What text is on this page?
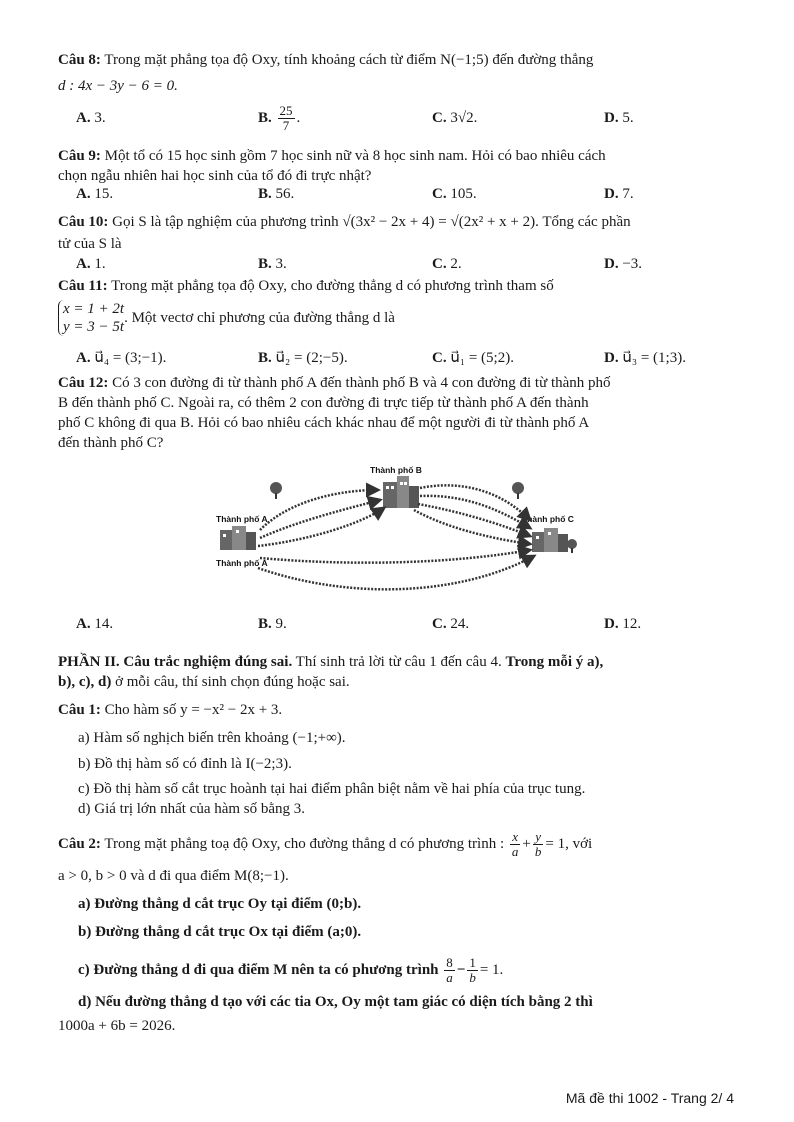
Câu 8: Trong mặt phẳng tọa độ Oxy, tính khoảng cách từ điểm N(−1;5) đến đường thẳng
d : 4x − 3y − 6 = 0.
A. 3.	B. $\frac{25}{7}$ .	C. 3√2.	D. 5.
Câu 9: Một tổ có 15 học sinh gồm 7 học sinh nữ và 8 học sinh nam. Hỏi có bao nhiêu cách
chọn ngẫu nhiên hai học sinh của tổ đó đi trực nhật?
A. 15.	B. 56.	C. 105.	D. 7.
Câu 10: Gọi S là tập nghiệm của phương trình √(3x² − 2x + 4) = √(2x² + x + 2). Tổng các phần
tử của S là
A. 1.	B. 3.	C. 2.	D. −3.
Câu 11: Trong mặt phẳng tọa độ Oxy, cho đường thẳng d có phương trình tham số
x = 1 + 2t
y = 3 − 5t
. Một vectơ chỉ phương của đường thẳng d là
A. u⃗₄ = (3;−1).	B. u⃗₂ = (2;−5).	C. u⃗₁ = (5;2).	D. u⃗₃ = (1;3).
Câu 12: Có 3 con đường đi từ thành phố A đến thành phố B và 4 con đường đi từ thành phố
B đến thành phố C. Ngoài ra, có thêm 2 con đường đi trực tiếp từ thành phố A đến thành
phố C không đi qua B. Hỏi có bao nhiêu cách khác nhau để một người đi từ thành phố A
đến thành phố C?
Thành phố B
Thành phố A
Thành phố A
Thành phố C
A. 14.	B. 9.	C. 24.	D. 12.
PHẦN II. Câu trắc nghiệm đúng sai. Thí sinh trả lời từ câu 1 đến câu 4. Trong mỗi ý a),
b), c), d) ở mỗi câu, thí sinh chọn đúng hoặc sai.
Câu 1: Cho hàm số y = −x² − 2x + 3.
a) Hàm số nghịch biến trên khoảng (−1;+∞).
b) Đồ thị hàm số có đỉnh là I(−2;3).
c) Đồ thị hàm số cắt trục hoành tại hai điểm phân biệt nằm về hai phía của trục tung.
d) Giá trị lớn nhất của hàm số bằng 3.
Câu 2: Trong mặt phẳng toạ độ Oxy, cho đường thẳng d có phương trình : $\frac{x}{a} + \frac{y}{b} = 1$, với
a > 0, b > 0 và d đi qua điểm M(8;−1).
a) Đường thẳng d cắt trục Oy tại điểm (0;b).
b) Đường thẳng d cắt trục Ox tại điểm (a;0).
c) Đường thẳng d đi qua điểm M nên ta có phương trình $\frac{8}{a} - \frac{1}{b} = 1$.
d) Nếu đường thẳng d tạo với các tia Ox, Oy một tam giác có diện tích bằng 2 thì
1000a + 6b = 2026.
Mã đề thi 1002 - Trang 2/ 4
